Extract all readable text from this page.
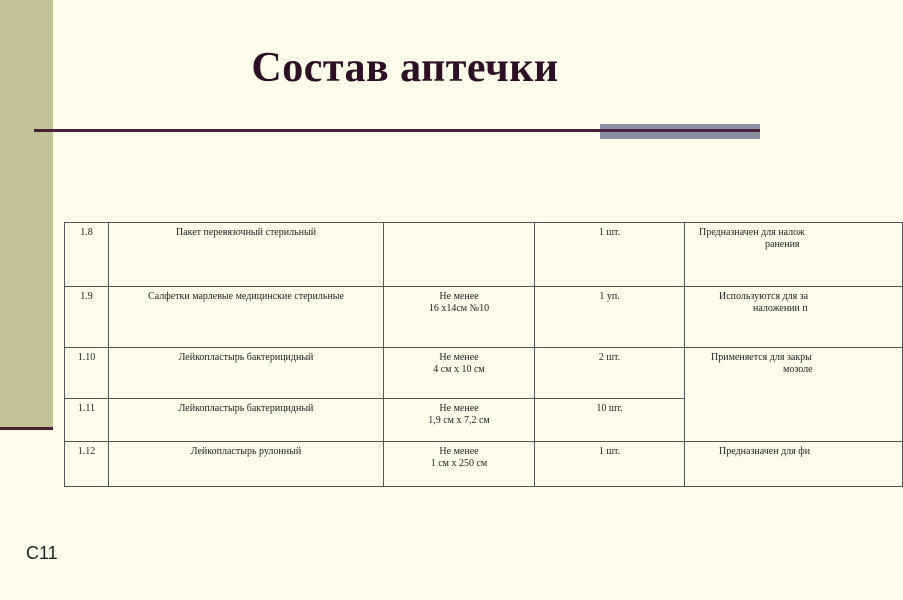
Состав аптечки
1.8	Пакет перевязочный стерильный		1 шт.	Предназначен для налож
ранения
1.9	Салфетки марлевые медицинские стерильные	Не менее
16 х14см №10	1 уп.	Используются для за
наложении п
1.10	Лейкопластырь бактерицидный	Не менее
4 см х 10 см	2 шт.	Применяется для закры
мозоле
1.11	Лейкопластырь бактерицидный	Не менее
1,9 см х 7,2 см	10 шт.	
1.12	Лейкопластырь рулонный	Не менее
1 см х 250 см	1 шт.	Предназначен для фи
С11
